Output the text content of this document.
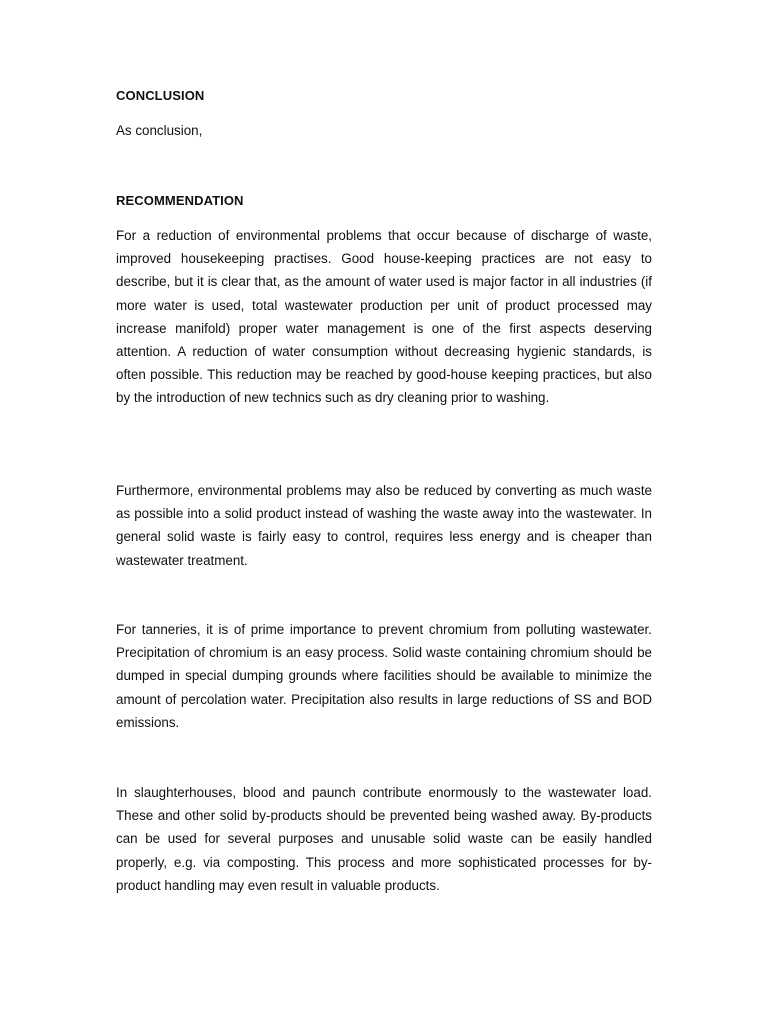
CONCLUSION
As conclusion,
RECOMMENDATION

For a reduction of environmental problems that occur because of discharge of waste, improved housekeeping practises. Good house-keeping practices are not easy to describe, but it is clear that, as the amount of water used is major factor in all industries (if more water is used, total wastewater production per unit of product processed may increase manifold) proper water management is one of the first aspects deserving attention. A reduction of water consumption without decreasing hygienic standards, is often possible. This reduction may be reached by good-house keeping practices, but also by the introduction of new technics such as dry cleaning prior to washing.

Furthermore, environmental problems may also be reduced by converting as much waste as possible into a solid product instead of washing the waste away into the wastewater. In general solid waste is fairly easy to control, requires less energy and is cheaper than wastewater treatment.

For tanneries, it is of prime importance to prevent chromium from polluting wastewater. Precipitation of chromium is an easy process. Solid waste containing chromium should be dumped in special dumping grounds where facilities should be available to minimize the amount of percolation water. Precipitation also results in large reductions of SS and BOD emissions.

In slaughterhouses, blood and paunch contribute enormously to the wastewater load. These and other solid by-products should be prevented being washed away. By-products can be used for several purposes and unusable solid waste can be easily handled properly, e.g. via composting. This process and more sophisticated processes for by-product handling may even result in valuable products.
